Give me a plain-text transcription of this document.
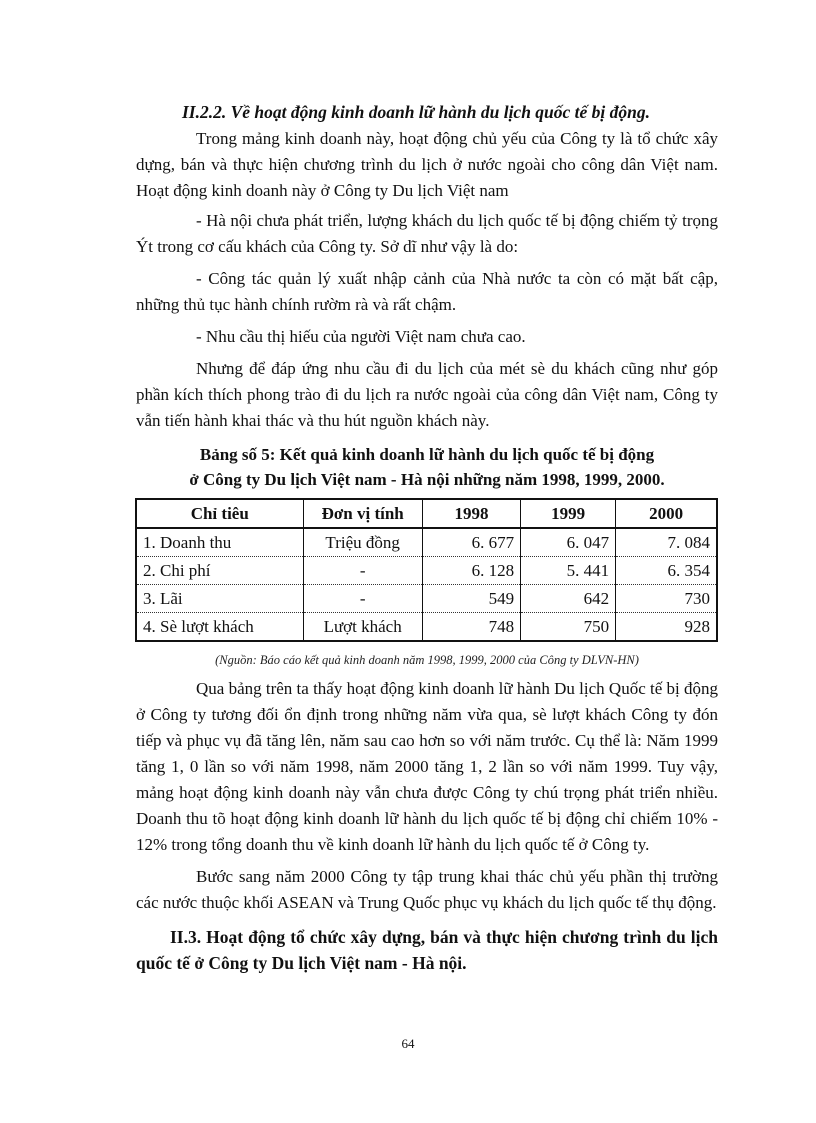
II.2.2. Về hoạt động kinh doanh lữ hành du lịch quốc tế bị động.

Trong mảng kinh doanh này, hoạt động chủ yếu của Công ty là tổ chức xây dựng, bán và thực hiện chương trình du lịch ở nước ngoài cho công dân Việt nam. Hoạt động kinh doanh này ở Công ty Du lịch Việt nam

- Hà nội chưa phát triển, lượng khách du lịch quốc tế bị động chiếm tỷ trọng Ýt trong cơ cấu khách của Công ty. Sở dĩ như vậy là do:

- Công tác quản lý xuất nhập cảnh của Nhà nước ta còn có mặt bất cập, những thủ tục hành chính rườm rà và rất chậm.

- Nhu cầu thị hiếu của người Việt nam chưa cao.

Nhưng để đáp ứng nhu cầu đi du lịch của mét sè du khách cũng như góp phần kích thích phong trào đi du lịch ra nước ngoài của công dân Việt nam, Công ty vẫn tiến hành khai thác và thu hút nguồn khách này.

Bảng số 5: Kết quả kinh doanh lữ hành du lịch quốc tế bị động
ở Công ty Du lịch Việt nam - Hà nội những năm 1998, 1999, 2000.

Chỉ tiêu	Đơn vị tính	1998	1999	2000
1. Doanh thu	Triệu đồng	6. 677	6. 047	7. 084
2. Chi phí	-	6. 128	5. 441	6. 354
3. Lãi	-	549	642	730
4. Sè lượt khách	Lượt khách	748	750	928

(Nguồn: Báo cáo kết quả kinh doanh năm 1998, 1999, 2000 của Công ty DLVN-HN)

Qua bảng trên ta thấy hoạt động kinh doanh lữ hành Du lịch Quốc tế bị động ở Công ty tương đối ổn định trong những năm vừa qua, sè lượt khách Công ty đón tiếp và phục vụ đã tăng lên, năm sau cao hơn so với năm trước. Cụ thể là: Năm 1999 tăng 1, 0 lần so với năm 1998, năm 2000 tăng 1, 2 lần so với năm 1999. Tuy vậy, mảng hoạt động kinh doanh này vẫn chưa được Công ty chú trọng phát triển nhiều. Doanh thu tõ hoạt động kinh doanh lữ hành du lịch quốc tế bị động chỉ chiếm 10% - 12% trong tổng doanh thu về kinh doanh lữ hành du lịch quốc tế ở Công ty.

Bước sang năm 2000 Công ty tập trung khai thác chủ yếu phần thị trường các nước thuộc khối ASEAN và Trung Quốc phục vụ khách du lịch quốc tế thụ động.

II.3. Hoạt động tổ chức xây dựng, bán và thực hiện chương trình du lịch quốc tế ở Công ty Du lịch Việt nam - Hà nội.

64
